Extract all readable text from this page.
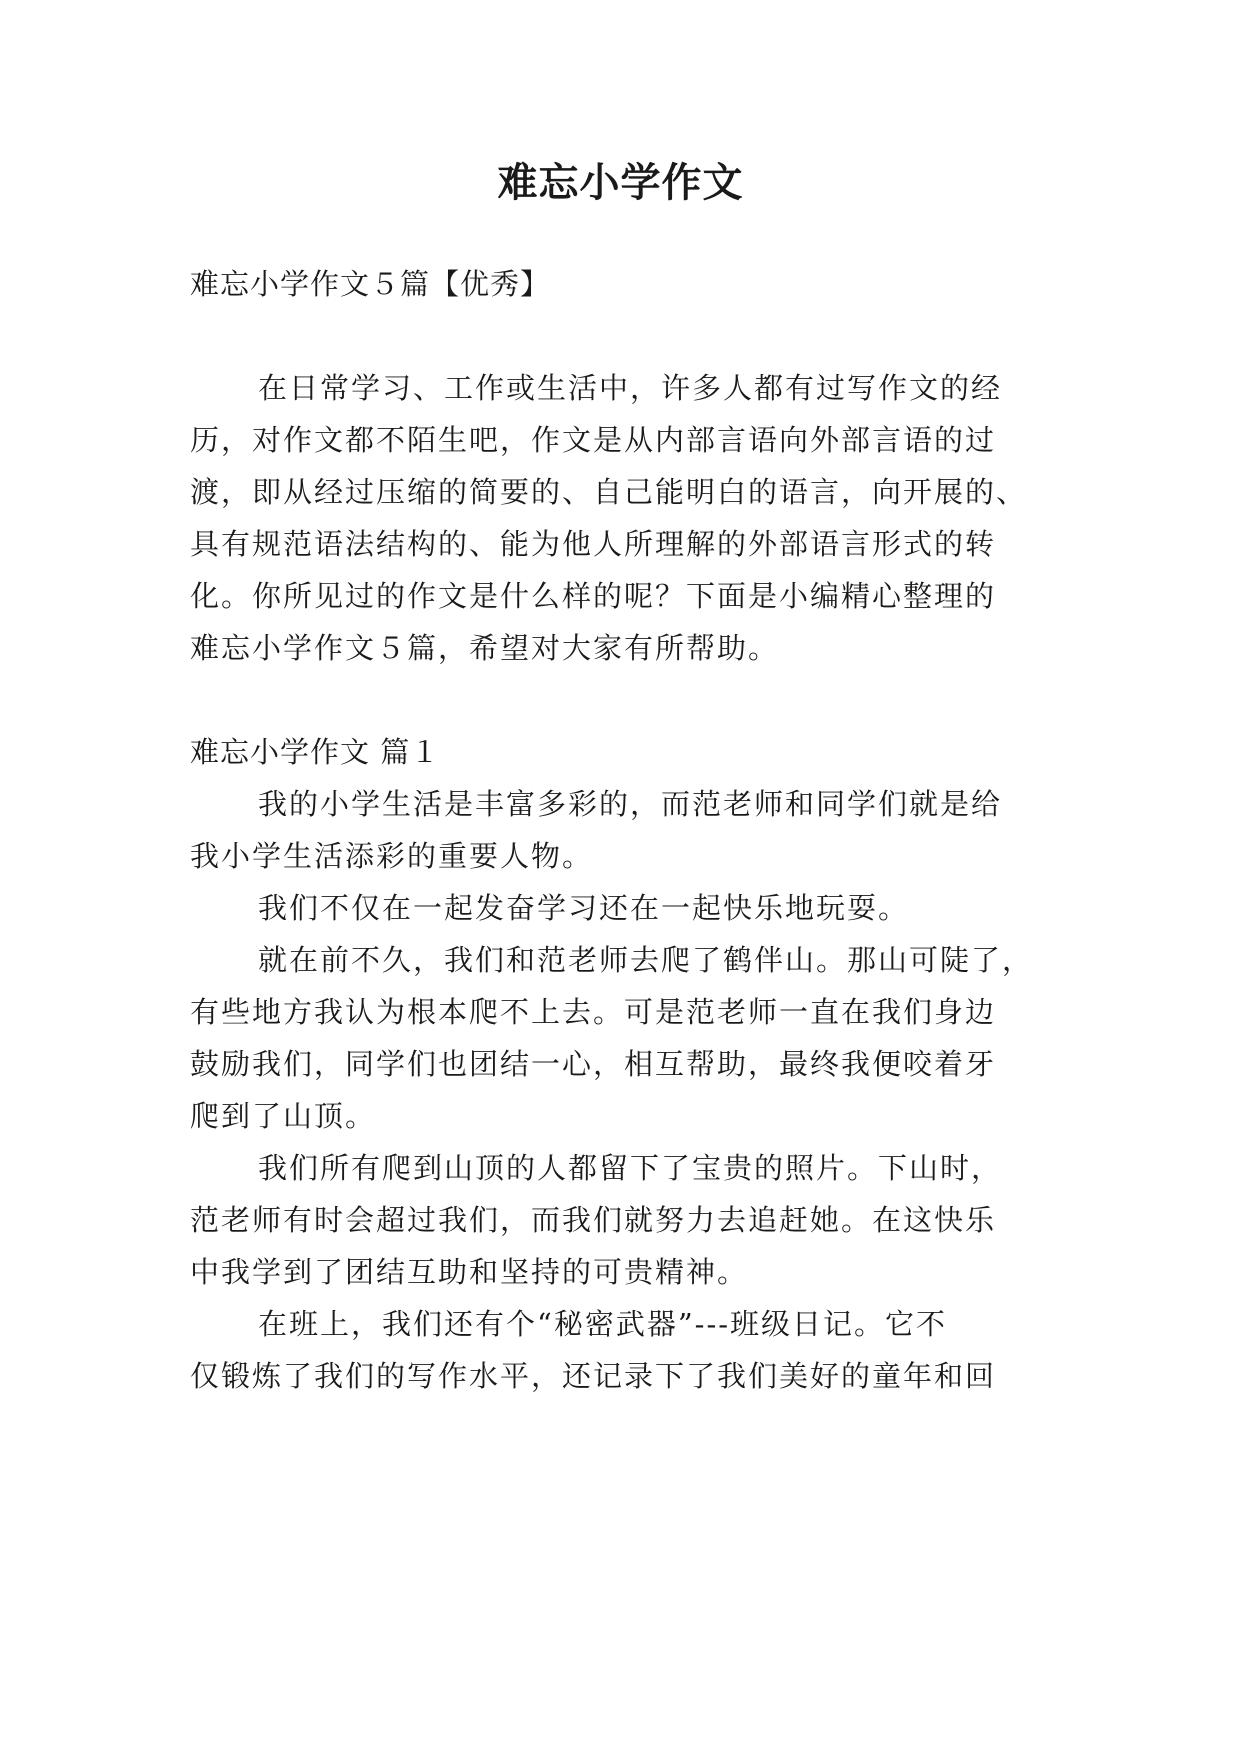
难忘小学作文

难忘小学作文５篇【优秀】

在日常学习、工作或生活中，许多人都有过写作文的经

历，对作文都不陌生吧，作文是从内部言语向外部言语的过

渡，即从经过压缩的简要的、自己能明白的语言，向开展的、

具有规范语法结构的、能为他人所理解的外部语言形式的转

化。你所见过的作文是什么样的呢？下面是小编精心整理的

难忘小学作文５篇，希望对大家有所帮助。

难忘小学作文 篇１

我的小学生活是丰富多彩的，而范老师和同学们就是给

我小学生活添彩的重要人物。

我们不仅在一起发奋学习还在一起快乐地玩耍。

就在前不久，我们和范老师去爬了鹤伴山。那山可陡了，

有些地方我认为根本爬不上去。可是范老师一直在我们身边

鼓励我们，同学们也团结一心，相互帮助，最终我便咬着牙

爬到了山顶。

我们所有爬到山顶的人都留下了宝贵的照片。下山时，

范老师有时会超过我们，而我们就努力去追赶她。在这快乐

中我学到了团结互助和坚持的可贵精神。

在班上，我们还有个“秘密武器”---班级日记。它不

仅锻炼了我们的写作水平，还记录下了我们美好的童年和回
